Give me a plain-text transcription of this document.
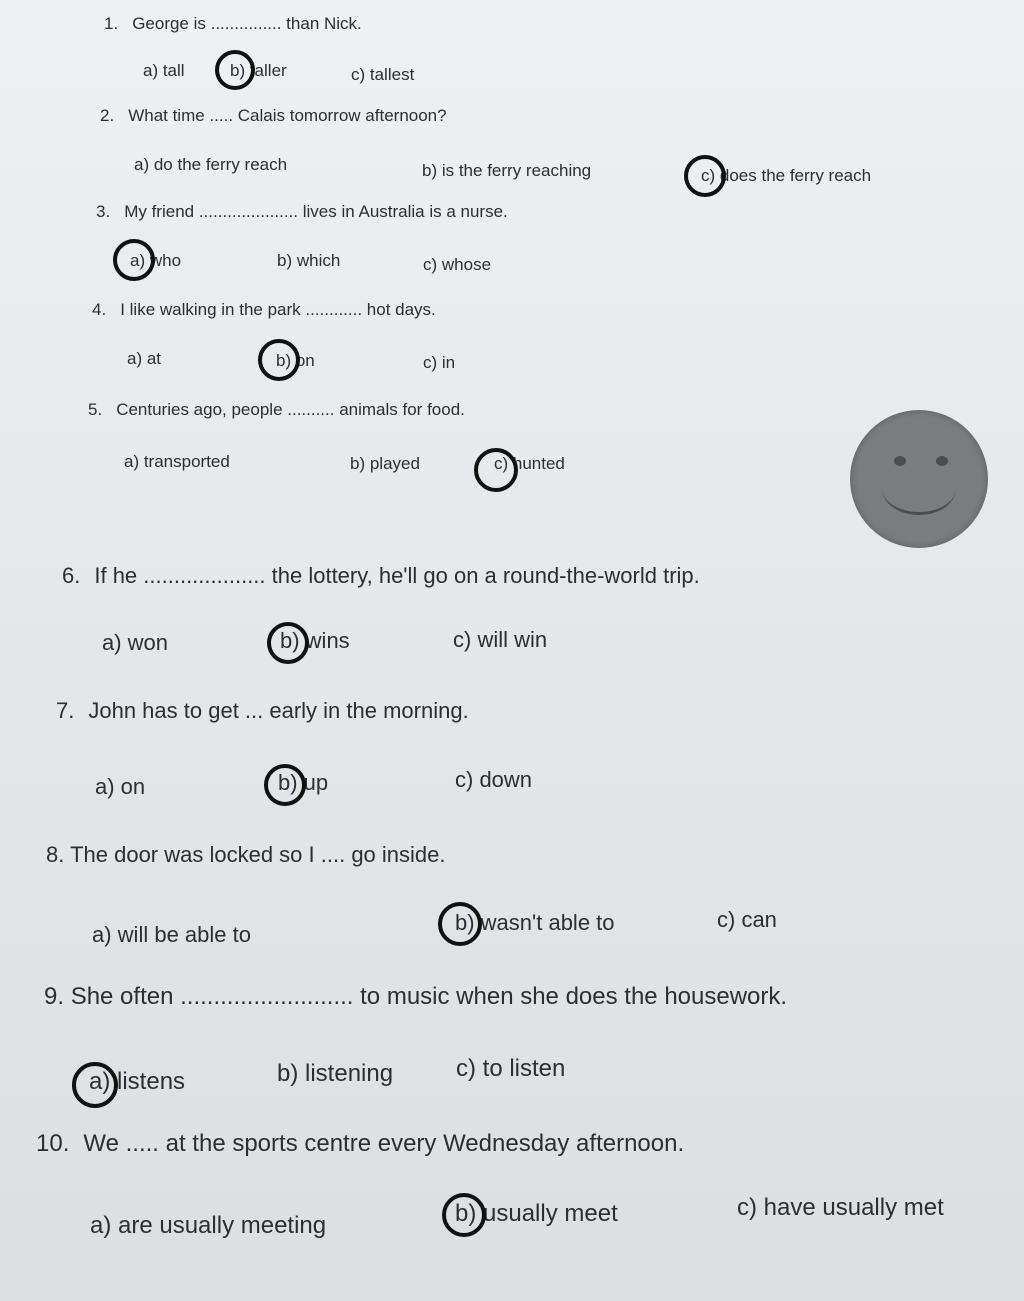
1. George is ............... than Nick.
a) tall	b) taller	c) tallest
2. What time ..... Calais tomorrow afternoon?
a) do the ferry reach	b) is the ferry reaching	c) does the ferry reach
3. My friend ..................... lives in Australia is a nurse.
a) who	b) which	c) whose
4. I like walking in the park ............ hot days.
a) at	b) on	c) in
5. Centuries ago, people .......... animals for food.
a) transported	b) played	c) hunted
6. If he .................... the lottery, he'll go on a round-the-world trip.
a) won	b) wins	c) will win
7. John has to get ... early in the morning.
a) on	b) up	c) down
8. The door was locked so I .... go inside.
a) will be able to	b) wasn't able to	c) can
9. She often .......................... to music when she does the housework.
a) listens	b) listening	c) to listen
10. We ..... at the sports centre every Wednesday afternoon.
a) are usually meeting	b) usually meet	c) have usually met
